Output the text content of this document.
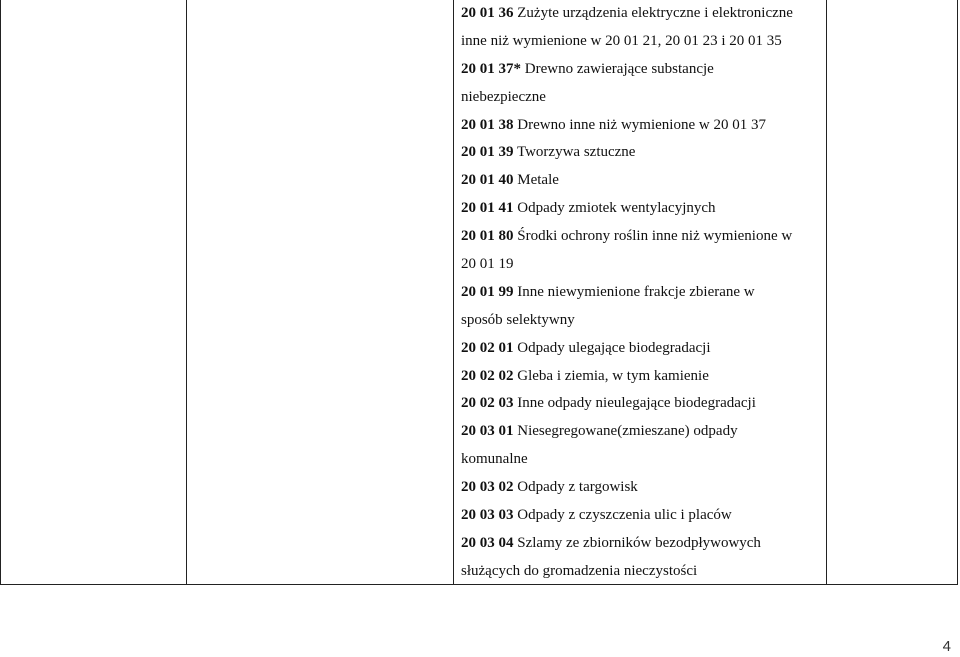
20 01 36 Zużyte urządzenia elektryczne i elektroniczne
inne niż wymienione w 20 01 21, 20 01 23 i 20 01 35
20 01 37* Drewno zawierające substancje
niebezpieczne
20 01 38 Drewno inne niż wymienione w 20 01 37
20 01 39 Tworzywa sztuczne
20 01 40 Metale
20 01 41 Odpady zmiotek wentylacyjnych
20 01 80 Środki ochrony roślin inne niż wymienione w
20 01 19
20 01 99 Inne niewymienione frakcje zbierane w
sposób selektywny
20 02 01 Odpady ulegające biodegradacji
20 02 02 Gleba i ziemia, w tym kamienie
20 02 03 Inne odpady nieulegające biodegradacji
20 03 01 Niesegregowane(zmieszane) odpady
komunalne
20 03 02 Odpady z targowisk
20 03 03 Odpady z czyszczenia ulic i placów
20 03 04 Szlamy ze zbiorników bezodpływowych
służących do gromadzenia nieczystości
4
